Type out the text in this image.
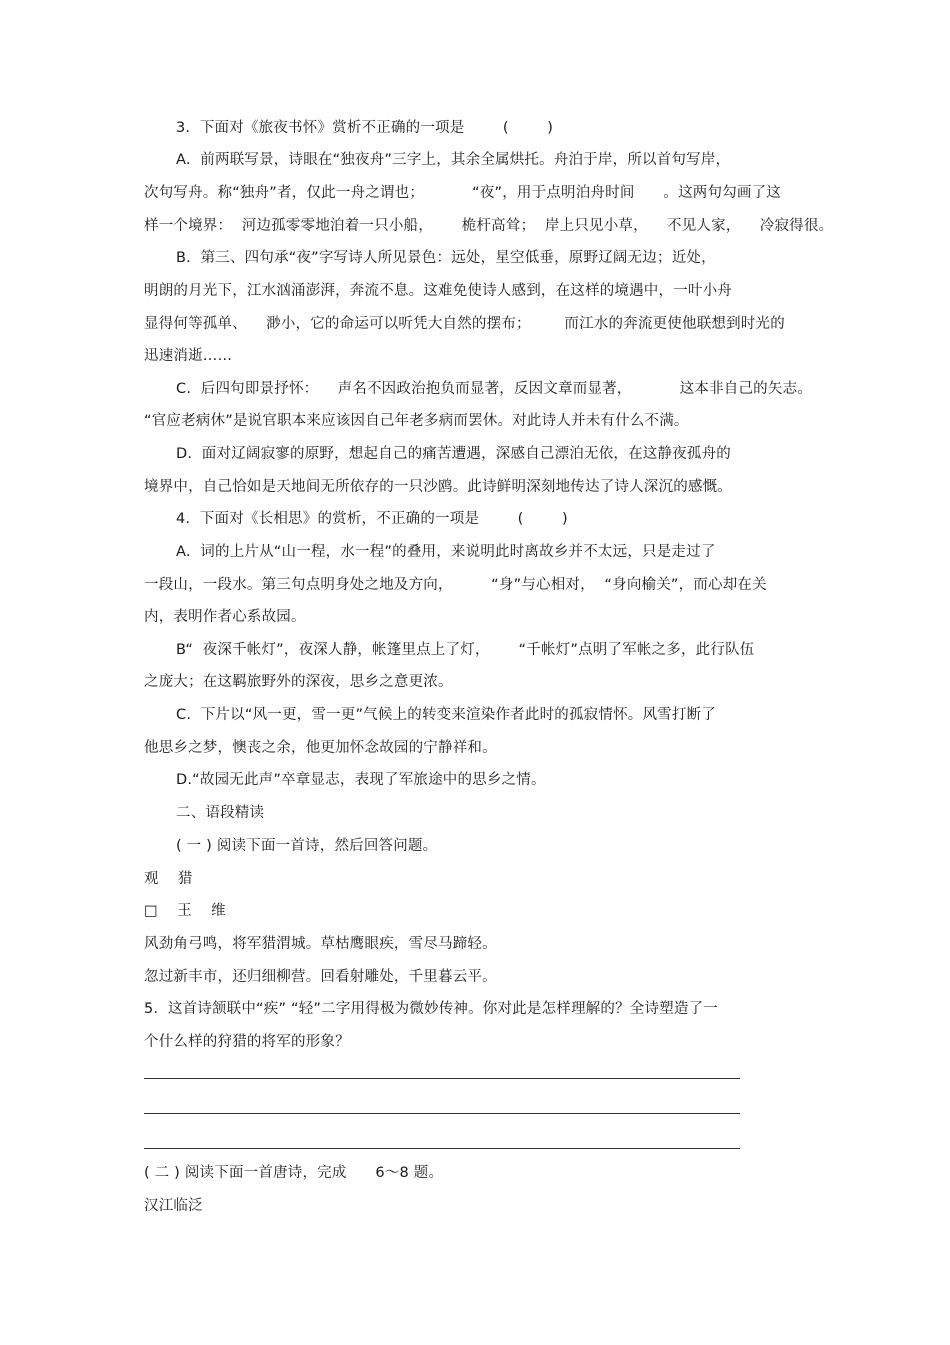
3.  下面对《旅夜书怀》赏析不正确的一项是        (        )
A.  前两联写景，诗眼在“独夜舟”三字上，其余全属烘托。舟泊于岸，所以首句写岸，
次句写舟。称“独舟”者，仅此一舟之谓也；          “夜”，用于点明泊舟时间      。这两句勾画了这
样一个境界：  河边孤零零地泊着一只小船，      桅杆高耸；  岸上只见小草，    不见人家，    冷寂得很。
B.  第三、四句承“夜”字写诗人所见景色：远处，星空低垂，原野辽阔无边；近处，
明朗的月光下，江水汹涌澎湃，奔流不息。这难免使诗人感到，在这样的境遇中，一叶小舟
显得何等孤单、    渺小，它的命运可以听凭大自然的摆布；       而江水的奔流更使他联想到时光的
迅速消逝……
C.  后四句即景抒怀：    声名不因政治抱负而显著，反因文章而显著，          这本非自己的矢志。
“官应老病休”是说官职本来应该因自己年老多病而罢休。对此诗人并未有什么不满。
D.  面对辽阔寂寥的原野，想起自己的痛苦遭遇，深感自己漂泊无依，在这静夜孤舟的
境界中，自己恰如是天地间无所依存的一只沙鸥。此诗鲜明深刻地传达了诗人深沉的感慨。
4.  下面对《长相思》的赏析，不正确的一项是        (        )
A.  词的上片从“山一程，水一程”的叠用，来说明此时离故乡并不太远，只是走过了
一段山，一段水。第三句点明身处之地及方向，        “身”与心相对，  “身向榆关”，而心却在关
内，表明作者心系故园。
B“  夜深千帐灯”，夜深人静，帐篷里点上了灯，      “千帐灯”点明了军帐之多，此行队伍
之庞大；在这羁旅野外的深夜，思乡之意更浓。
C.  下片以“风一更，雪一更”气候上的转变来渲染作者此时的孤寂情怀。风雪打断了
他思乡之梦，懊丧之余，他更加怀念故园的宁静祥和。
D.“故园无此声”卒章显志，表现了军旅途中的思乡之情。
二、语段精读
( 一 ) 阅读下面一首诗，然后回答问题。
观    猎
□    王    维
风劲角弓鸣，将军猎渭城。草枯鹰眼疾，雪尽马蹄轻。
忽过新丰市，还归细柳营。回看射雕处，千里暮云平。
5.  这首诗颔联中“疾” “轻”二字用得极为微妙传神。你对此是怎样理解的？全诗塑造了一
个什么样的狩猎的将军的形象？
( 二 ) 阅读下面一首唐诗，完成      6～8 题。
汉江临泛
